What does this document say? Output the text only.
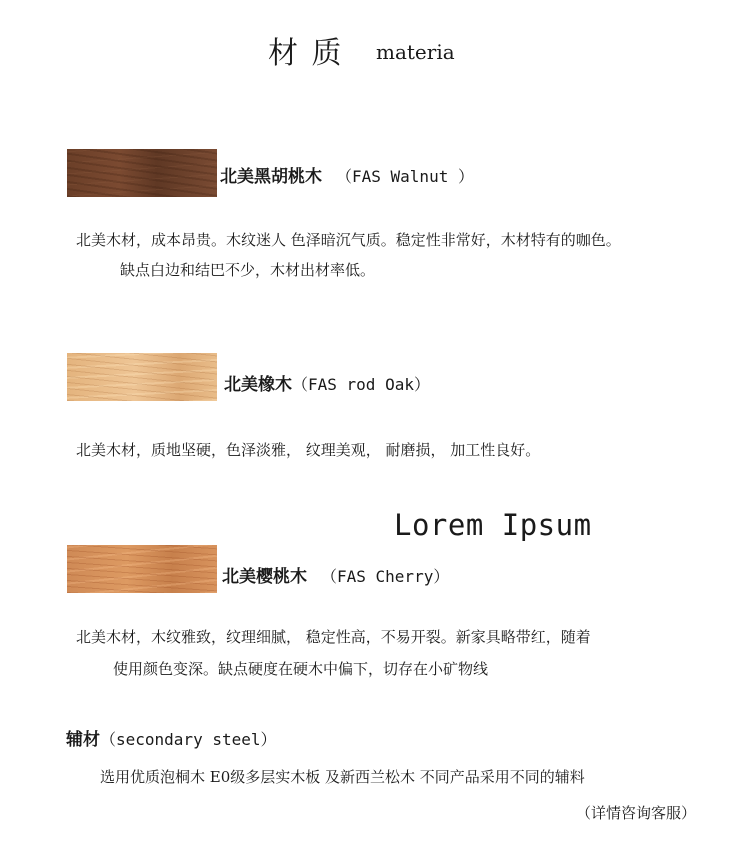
材 质 materia
北美黑胡桃木 （FAS Walnut ）
北美木材，成本昂贵。木纹迷人 色泽暗沉气质。稳定性非常好，木材特有的咖色。
缺点白边和结巴不少，木材出材率低。
北美橡木（FAS rod Oak）
北美木材，质地坚硬，色泽淡雅， 纹理美观， 耐磨损， 加工性良好。
Lorem Ipsum
北美樱桃木 （FAS Cherry）
北美木材，木纹雅致，纹理细腻， 稳定性高，不易开裂。新家具略带红，随着
使用颜色变深。缺点硬度在硬木中偏下，切存在小矿物线
辅材（secondary steel）
选用优质泡桐木 E0级多层实木板 及新西兰松木 不同产品采用不同的辅料
（详情咨询客服）
